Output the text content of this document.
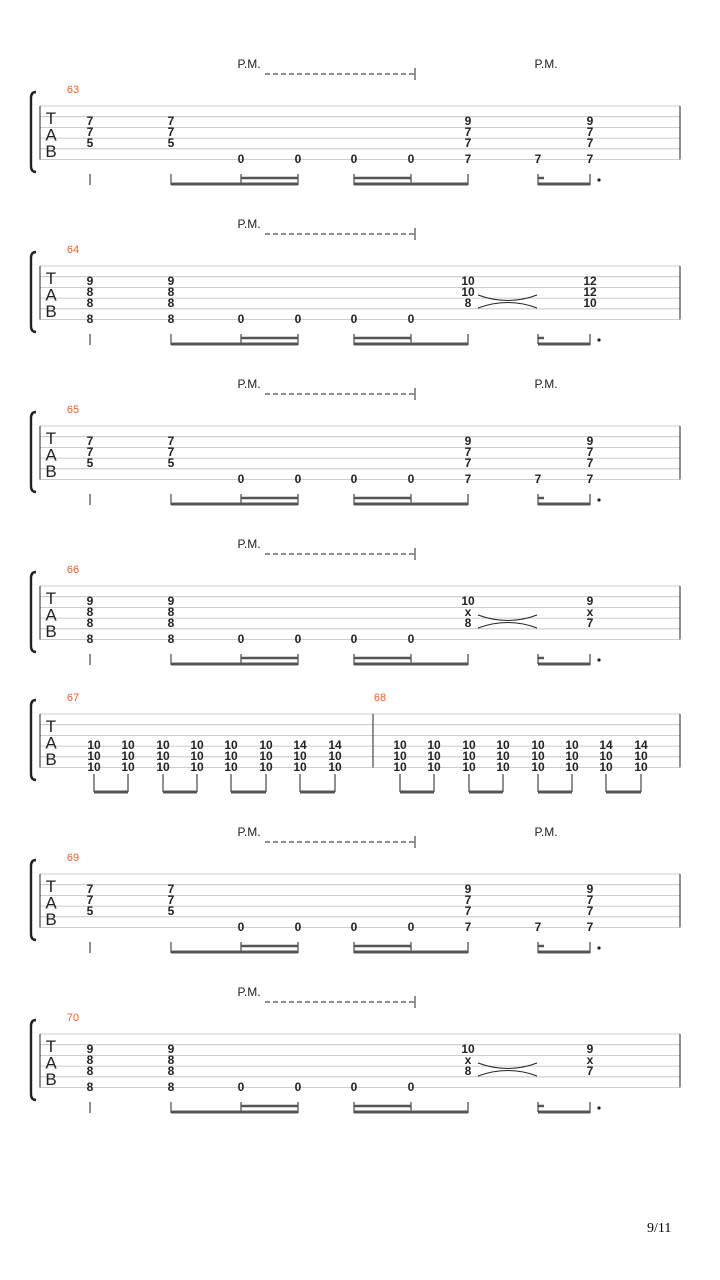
T
A
B
P.M.	P.M.
63
7
7
5
7
7
5
0	0	0	0
9
7
7
7	7
9
7
7
7
T
A
B
P.M.
64
9
8
8
8
9
8
8
8	0	0	0	0
10
10
8
12
12
10
T
A
B
P.M.	P.M.
65
7
7
5
7
7
5
0	0	0	0
9
7
7
7	7
9
7
7
7
T
A
B
P.M.
66
9
8
8
8
9
8
8
8	0	0	0	0
10
x
8
9
x
7
T
A
B
67	68
10
10
10
10
10
10
10
10
10
10
10
10
10
10
10
10
10
10
14
10
10
14
10
10
10
10
10
10
10
10
10
10
10
10
10
10
10
10
10
10
10
10
14
10
10
14
10
10
T
A
B
P.M.	P.M.
69
7
7
5
7
7
5
0	0	0	0
9
7
7
7	7
9
7
7
7
T
A
B
P.M.
70
9
8
8
8
9
8
8
8	0	0	0	0
10
x
8
9
x
7
9/11
